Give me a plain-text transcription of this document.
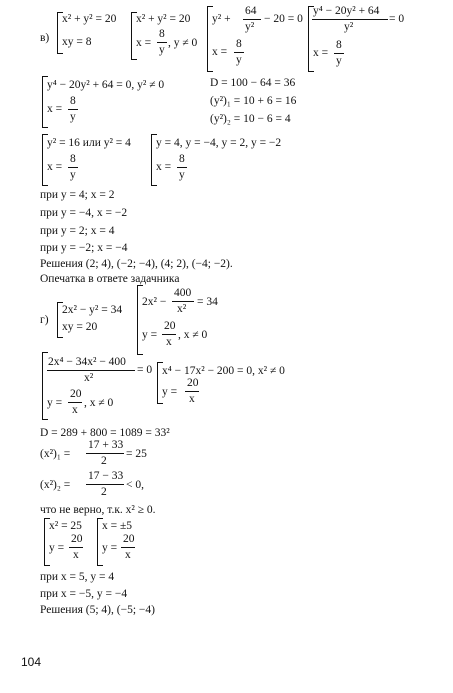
в)
x² + y² = 20
xy = 8
x² + y² = 20
x =
8
y
, y ≠ 0
y² +
64
y²
− 20 = 0
x =
8
y
y⁴ − 20y² + 64
y²
= 0
x =
8
y
y⁴ − 20y² + 64 = 0, y² ≠ 0
x =
8
y
D = 100 − 64 = 36
(y²)₁ = 10 + 6 = 16
(y²)₂ = 10 − 6 = 4
y² = 16 или y² = 4
x =
8
y
y = 4, y = −4, y = 2, y = −2
x =
8
y
при y = 4; x = 2
при y = −4, x = −2
при y = 2; x = 4
при y = −2; x = −4
Решения (2; 4), (−2; −4), (4; 2), (−4; −2).
Опечатка в ответе задачника
г)
2x² − y² = 34
xy = 20
2x² −
400
x²
= 34
y =
20
x
, x ≠ 0
2x⁴ − 34x² − 400
x²
= 0
y =
20
x
, x ≠ 0
x⁴ − 17x² − 200 = 0, x² ≠ 0
y =
20
x
D = 289 + 800 = 1089 = 33²
(x²)₁ =
17 + 33
2
= 25
(x²)₂ =
17 − 33
2
< 0,
что не верно, т.к. x² ≥ 0.
x² = 25
y =
20
x
x = ±5
y =
20
x
при x = 5, y = 4
при x = −5, y = −4
Решения (5; 4), (−5; −4)
104
